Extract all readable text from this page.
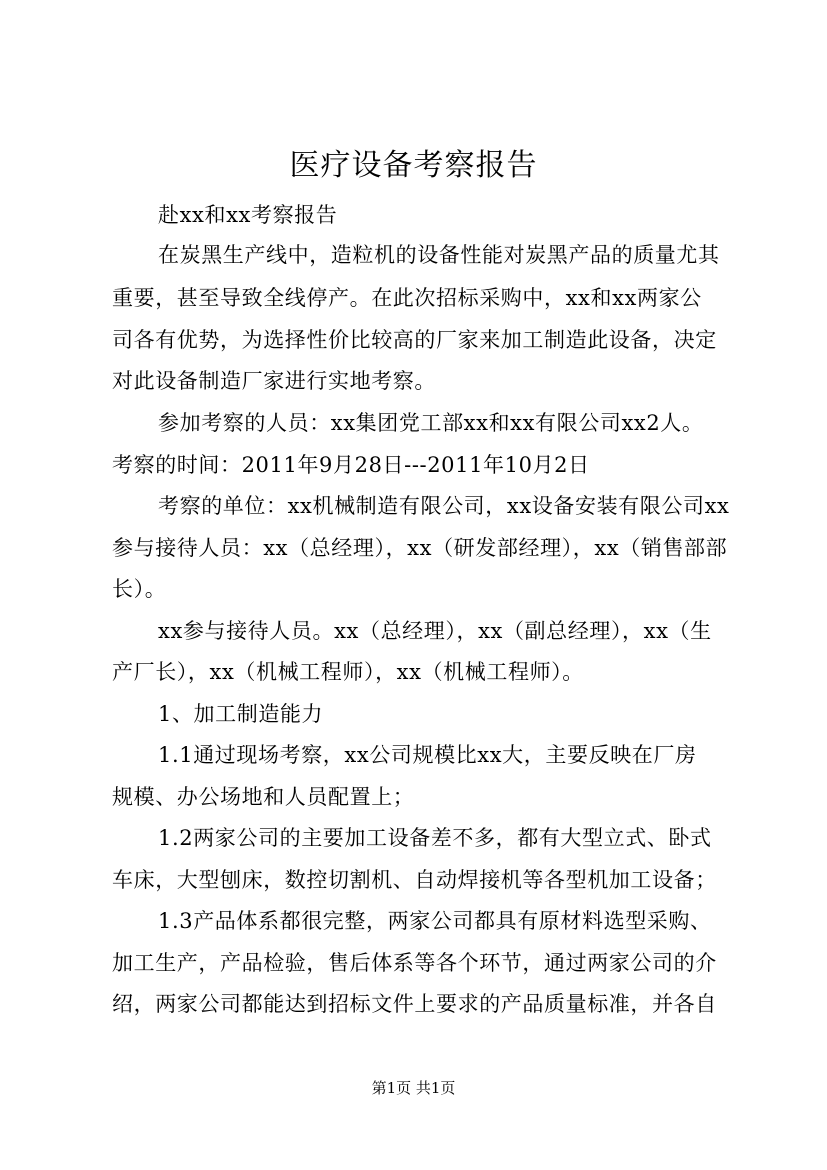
医疗设备考察报告
赴xx和xx考察报告
在炭黑生产线中，造粒机的设备性能对炭黑产品的质量尤其
重要，甚至导致全线停产。在此次招标采购中，xx和xx两家公
司各有优势，为选择性价比较高的厂家来加工制造此设备，决定
对此设备制造厂家进行实地考察。
参加考察的人员：xx集团党工部xx和xx有限公司xx2人。
考察的时间：2011年9月28日---2011年10月2日
考察的单位：xx机械制造有限公司，xx设备安装有限公司xx
参与接待人员：xx（总经理），xx（研发部经理），xx（销售部部
长）。
xx参与接待人员。xx（总经理），xx（副总经理），xx（生
产厂长），xx（机械工程师），xx（机械工程师）。
1、加工制造能力
1.1通过现场考察，xx公司规模比xx大，主要反映在厂房
规模、办公场地和人员配置上；
1.2两家公司的主要加工设备差不多，都有大型立式、卧式
车床，大型刨床，数控切割机、自动焊接机等各型机加工设备；
1.3产品体系都很完整，两家公司都具有原材料选型采购、
加工生产，产品检验，售后体系等各个环节，通过两家公司的介
绍，两家公司都能达到招标文件上要求的产品质量标准，并各自
第1页 共1页
